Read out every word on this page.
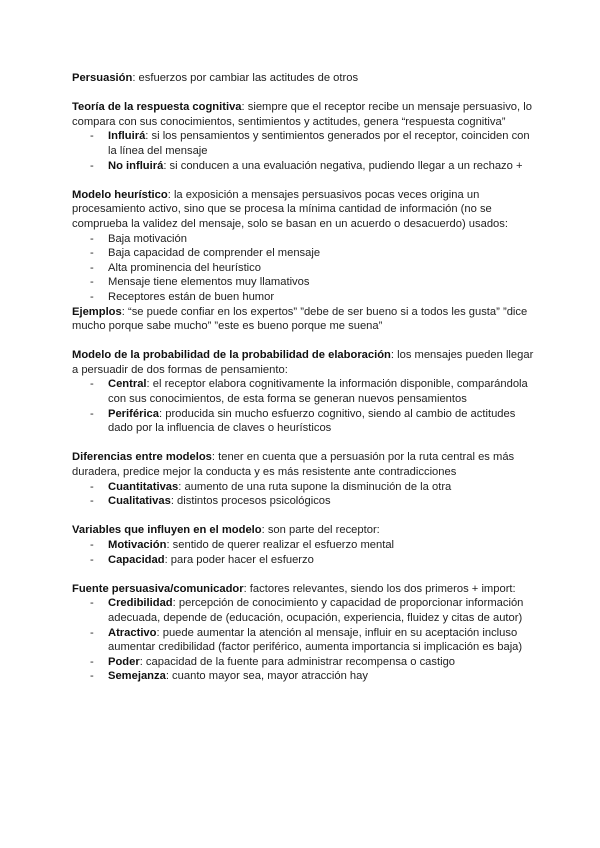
Persuasión: esfuerzos por cambiar las actitudes de otros
Teoría de la respuesta cognitiva: siempre que el receptor recibe un mensaje persuasivo, lo compara con sus conocimientos, sentimientos y actitudes, genera “respuesta cognitiva”
- Influirá: si los pensamientos y sentimientos generados por el receptor, coinciden con la línea del mensaje
- No influirá: si conducen a una evaluación negativa, pudiendo llegar a un rechazo +
Modelo heurístico: la exposición a mensajes persuasivos pocas veces origina un procesamiento activo, sino que se procesa la mínima cantidad de información (no se comprueba la validez del mensaje, solo se basan en un acuerdo o desacuerdo) usados:
- Baja motivación
- Baja capacidad de comprender el mensaje
- Alta prominencia del heurístico
- Mensaje tiene elementos muy llamativos
- Receptores están de buen humor
Ejemplos: “se puede confiar en los expertos” ”debe de ser bueno si a todos les gusta” ”dice mucho porque sabe mucho” ”este es bueno porque me suena”
Modelo de la probabilidad de la probabilidad de elaboración: los mensajes pueden llegar a persuadir de dos formas de pensamiento:
- Central: el receptor elabora cognitivamente la información disponible, comparándola con sus conocimientos, de esta forma se generan nuevos pensamientos
- Periférica: producida sin mucho esfuerzo cognitivo, siendo al cambio de actitudes dado por la influencia de claves o heurísticos
Diferencias entre modelos: tener en cuenta que a persuasión por la ruta central es más duradera, predice mejor la conducta y es más resistente ante contradicciones
- Cuantitativas: aumento de una ruta supone la disminución de la otra
- Cualitativas: distintos procesos psicológicos
Variables que influyen en el modelo: son parte del receptor:
- Motivación: sentido de querer realizar el esfuerzo mental
- Capacidad: para poder hacer el esfuerzo
Fuente persuasiva/comunicador: factores relevantes, siendo los dos primeros + import:
- Credibilidad: percepción de conocimiento y capacidad de proporcionar información adecuada, depende de (educación, ocupación, experiencia, fluidez y citas de autor)
- Atractivo: puede aumentar la atención al mensaje, influir en su aceptación incluso aumentar credibilidad (factor periférico, aumenta importancia si implicación es baja)
- Poder: capacidad de la fuente para administrar recompensa o castigo
- Semejanza: cuanto mayor sea, mayor atracción hay
